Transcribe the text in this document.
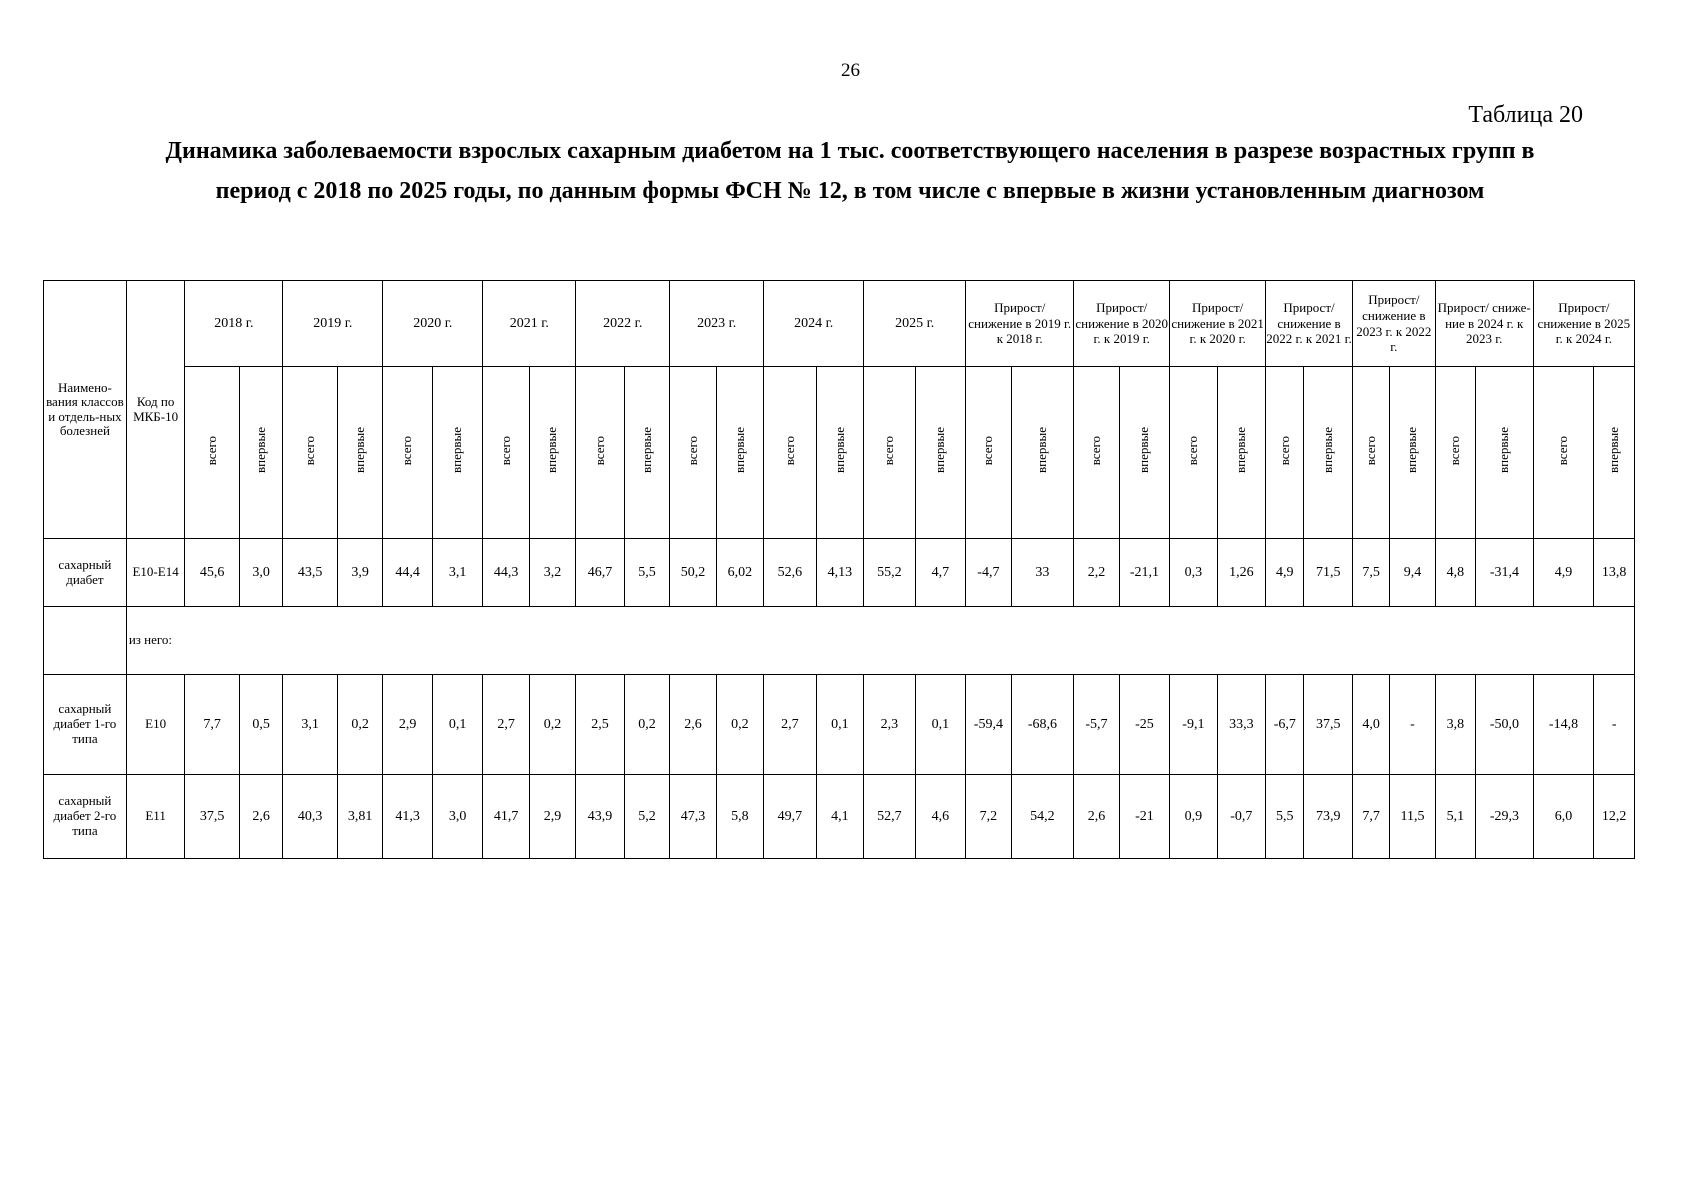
26
Таблица 20
Динамика заболеваемости взрослых сахарным диабетом на 1 тыс. соответствующего населения в разрезе возрастных групп в период с 2018 по 2025 годы, по данным формы ФСН № 12, в том числе с впервые в жизни установленным диагнозом
Наимено-вания классов и отдель-ных болезней	Код по МКБ-10	2018 г.		2019 г.		2020 г.		2021 г.		2022 г.		2023 г.		2024 г.		2025 г.		Прирост/ снижение в 2019 г. к 2018 г.		Прирост/ снижение в 2020 г. к 2019 г.		Прирост/ снижение в 2021 г. к 2020 г.		Прирост/ снижение в 2022 г. к 2021 г.		Прирост/ снижение в 2023 г. к 2022 г.		Прирост/ сниже-ние в 2024 г. к 2023 г.		Прирост/ снижение в 2025 г. к 2024 г.	
		всего	впервые	всего	впервые	всего	впервые	всего	впервые	всего	впервые	всего	впервые	всего	впервые	всего	впервые	всего	впервые	всего	впервые	всего	впервые	всего	впервые	всего	впервые	всего	впервые	всего	впервые
сахарный диабет	Е10-Е14	45,6	3,0	43,5	3,9	44,4	3,1	44,3	3,2	46,7	5,5	50,2	6,02	52,6	4,13	55,2	4,7	-4,7	33	2,2	-21,1	0,3	1,26	4,9	71,5	7,5	9,4	4,8	-31,4	4,9	13,8
	из него:																														
сахарный диабет 1-го типа	Е10	7,7	0,5	3,1	0,2	2,9	0,1	2,7	0,2	2,5	0,2	2,6	0,2	2,7	0,1	2,3	0,1	-59,4	-68,6	-5,7	-25	-9,1	33,3	-6,7	37,5	4,0	-	3,8	-50,0	-14,8	-
сахарный диабет 2-го типа	Е11	37,5	2,6	40,3	3,81	41,3	3,0	41,7	2,9	43,9	5,2	47,3	5,8	49,7	4,1	52,7	4,6	7,2	54,2	2,6	-21	0,9	-0,7	5,5	73,9	7,7	11,5	5,1	-29,3	6,0	12,2
